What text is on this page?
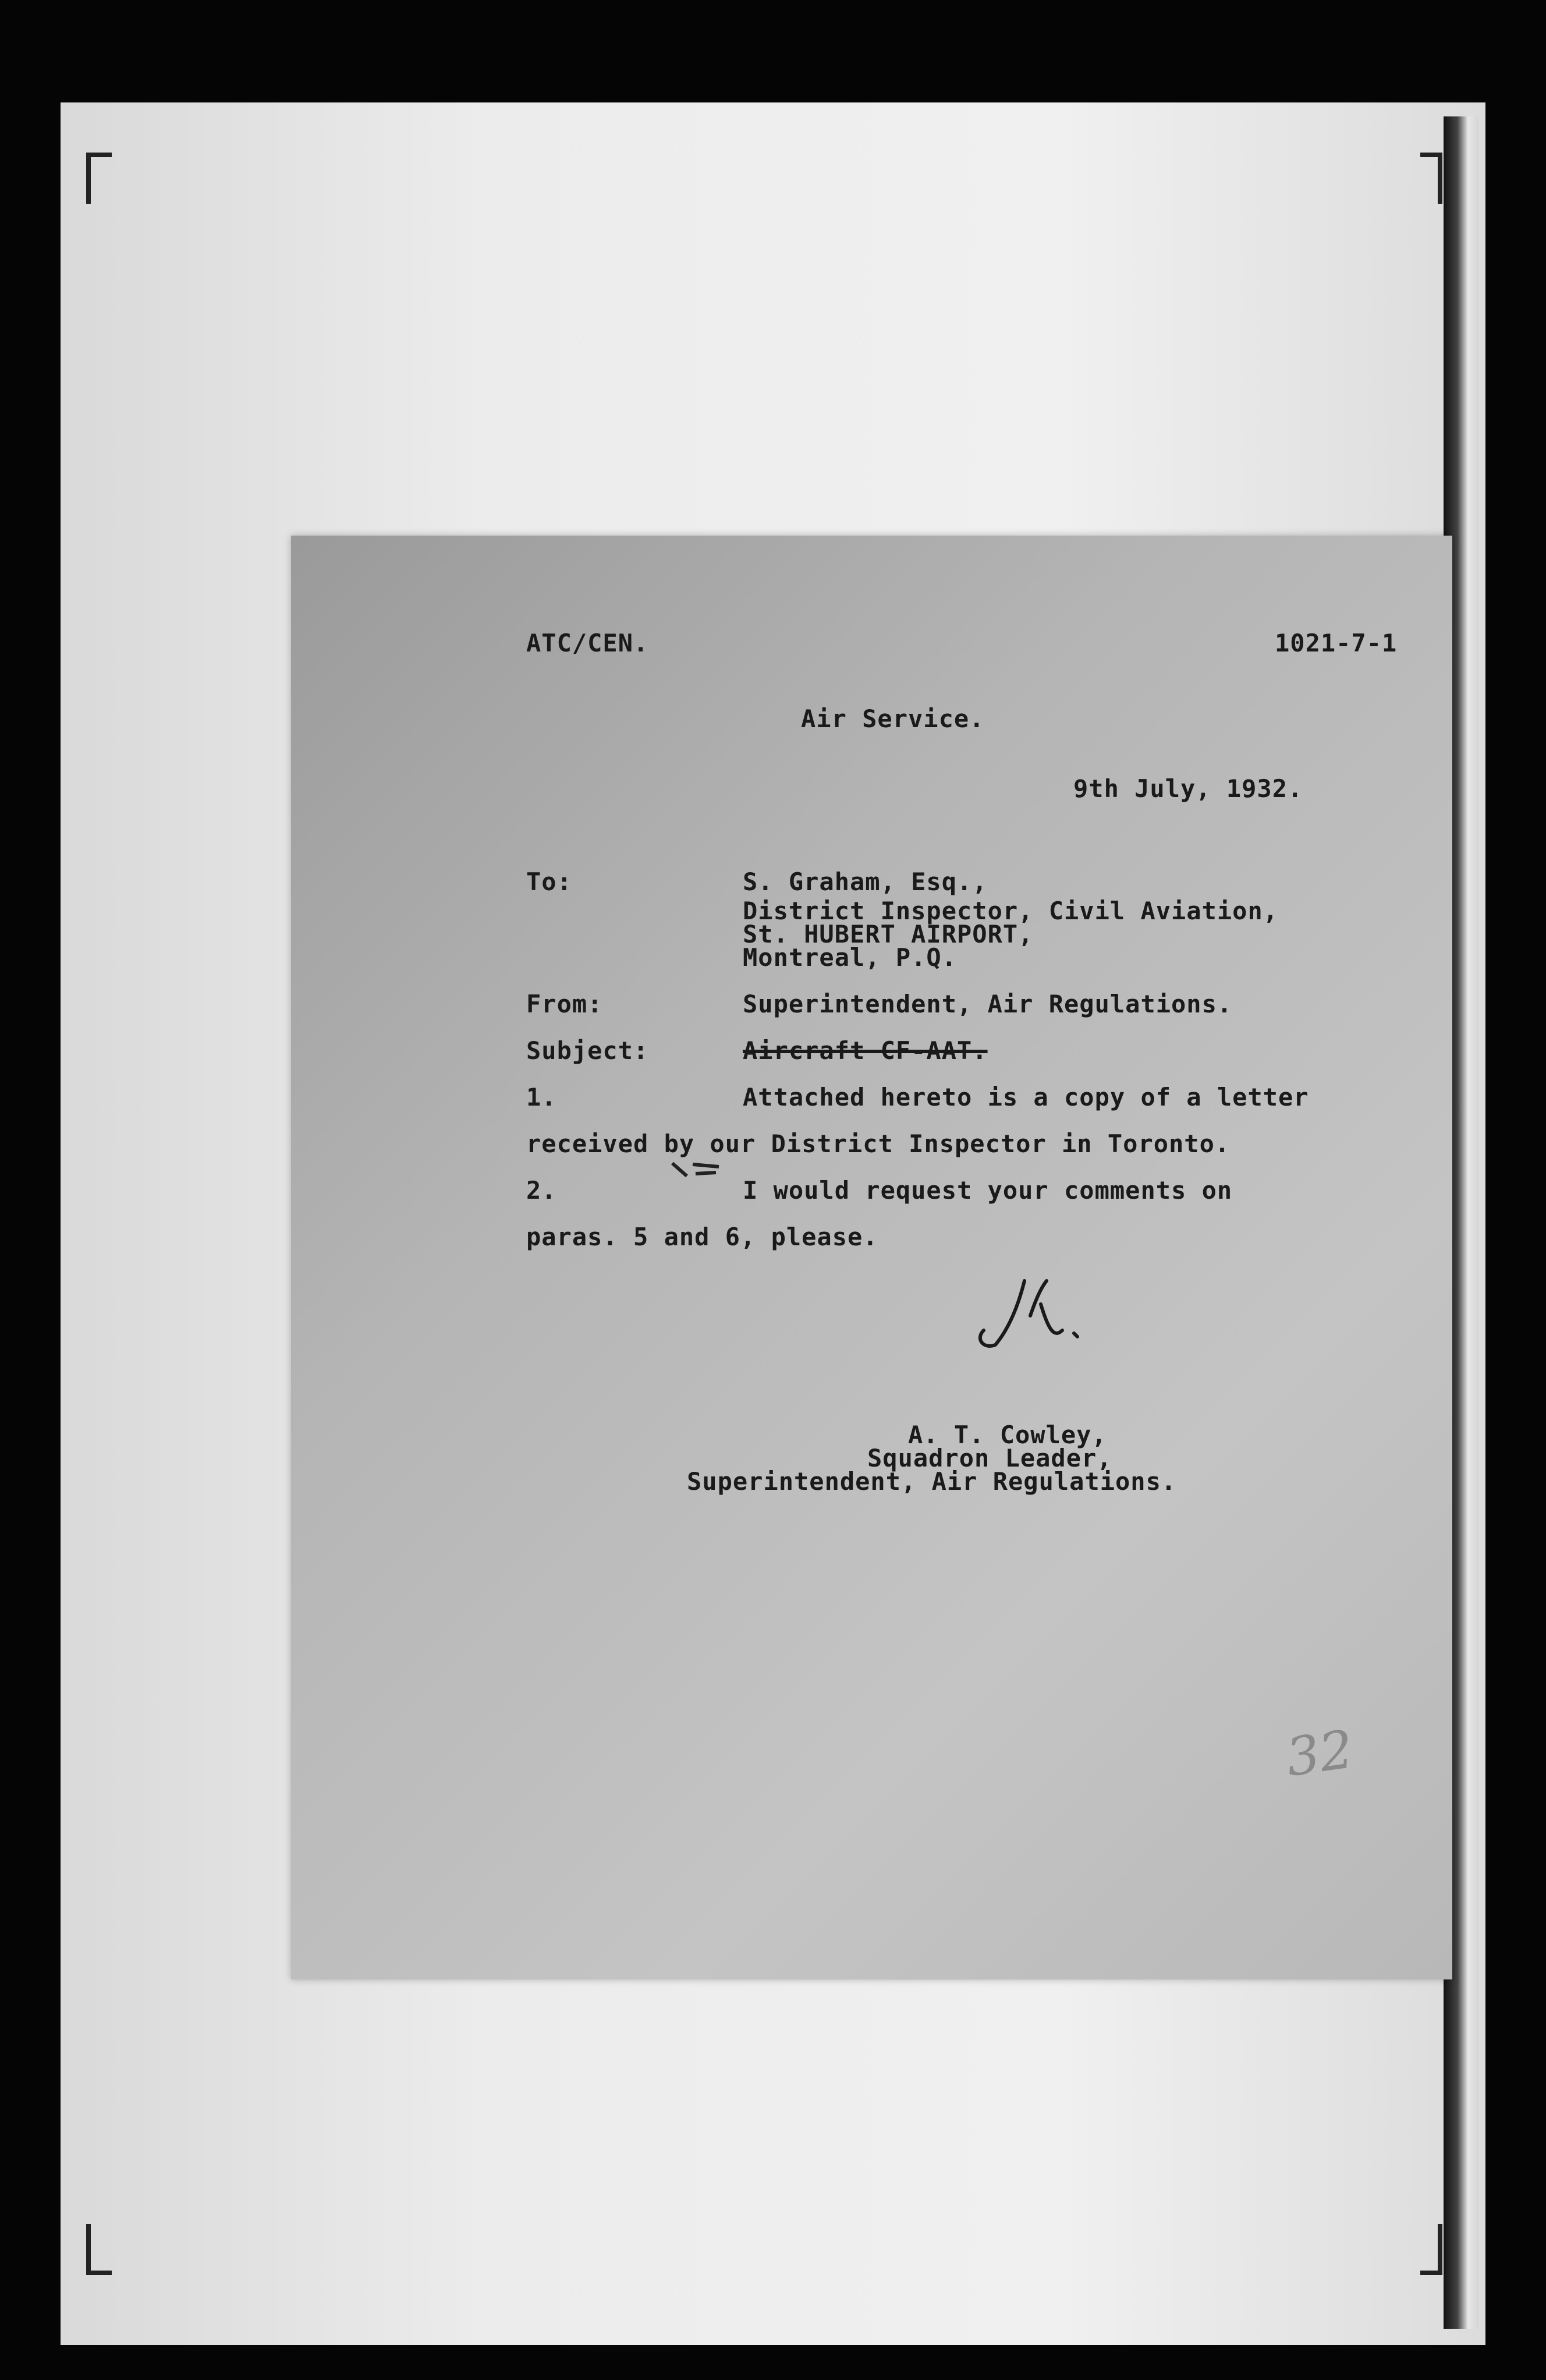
ATC/CEN.	1021-7-1
Air Service.
9th July, 1932.
To:	S. Graham, Esq.,
District Inspector, Civil Aviation,
St. HUBERT AIRPORT,
Montreal, P.Q.
From:	Superintendent, Air Regulations.
Subject:	Aircraft CF-AAT.
1.	Attached hereto is a copy of a letter
received by our District Inspector in Toronto.
2.	I would request your comments on
paras. 5 and 6, please.
A. T. Cowley,
Squadron Leader,
Superintendent, Air Regulations.
32
